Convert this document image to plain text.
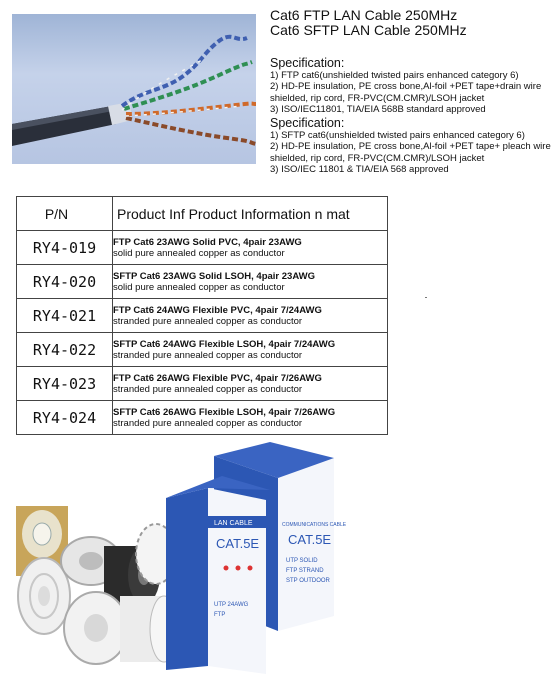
Cat6 FTP LAN Cable 250MHz
Cat6 SFTP LAN Cable 250MHz
Specification:
1) FTP cat6(unshielded twisted pairs enhanced category 6)
2) HD-PE insulation, PE cross bone,Al-foil +PET tape+drain wire
shielded, rip cord, FR-PVC(CM.CMR)/LSOH jacket
3) ISO/IEC11801, TIA/EIA 568B standard approved
Specification:
1) SFTP cat6(unshielded twisted pairs enhanced category 6)
2) HD-PE insulation, PE cross bone,Al-foil +PET tape+ pleach wire
shielded, rip cord, FR-PVC(CM.CMR)/LSOH jacket
3) ISO/IEC 11801 & TIA/EIA 568 approved
P/N	Product Inf Product Information n mat
RY4-019	FTP Cat6 23AWG Solid PVC, 4pair 23AWG
solid pure annealed copper as conductor

RY4-020	SFTP Cat6 23AWG Solid LSOH, 4pair 23AWG
solid pure annealed copper as conductor

RY4-021	FTP Cat6 24AWG Flexible PVC, 4pair 7/24AWG
stranded pure annealed copper as conductor

RY4-022	SFTP Cat6 24AWG Flexible LSOH, 4pair 7/24AWG
stranded pure annealed copper as conductor

RY4-023	FTP Cat6 26AWG Flexible PVC, 4pair 7/26AWG
stranded pure annealed copper as conductor

RY4-024	SFTP Cat6 26AWG Flexible LSOH, 4pair 7/26AWG
stranded pure annealed copper as conductor
COMMUNICATIONS CABLE
CAT.5E
UTP SOLID
FTP STRAND
STP OUTDOOR
LAN CABLE
CAT.5E
UTP 24AWG
FTP
